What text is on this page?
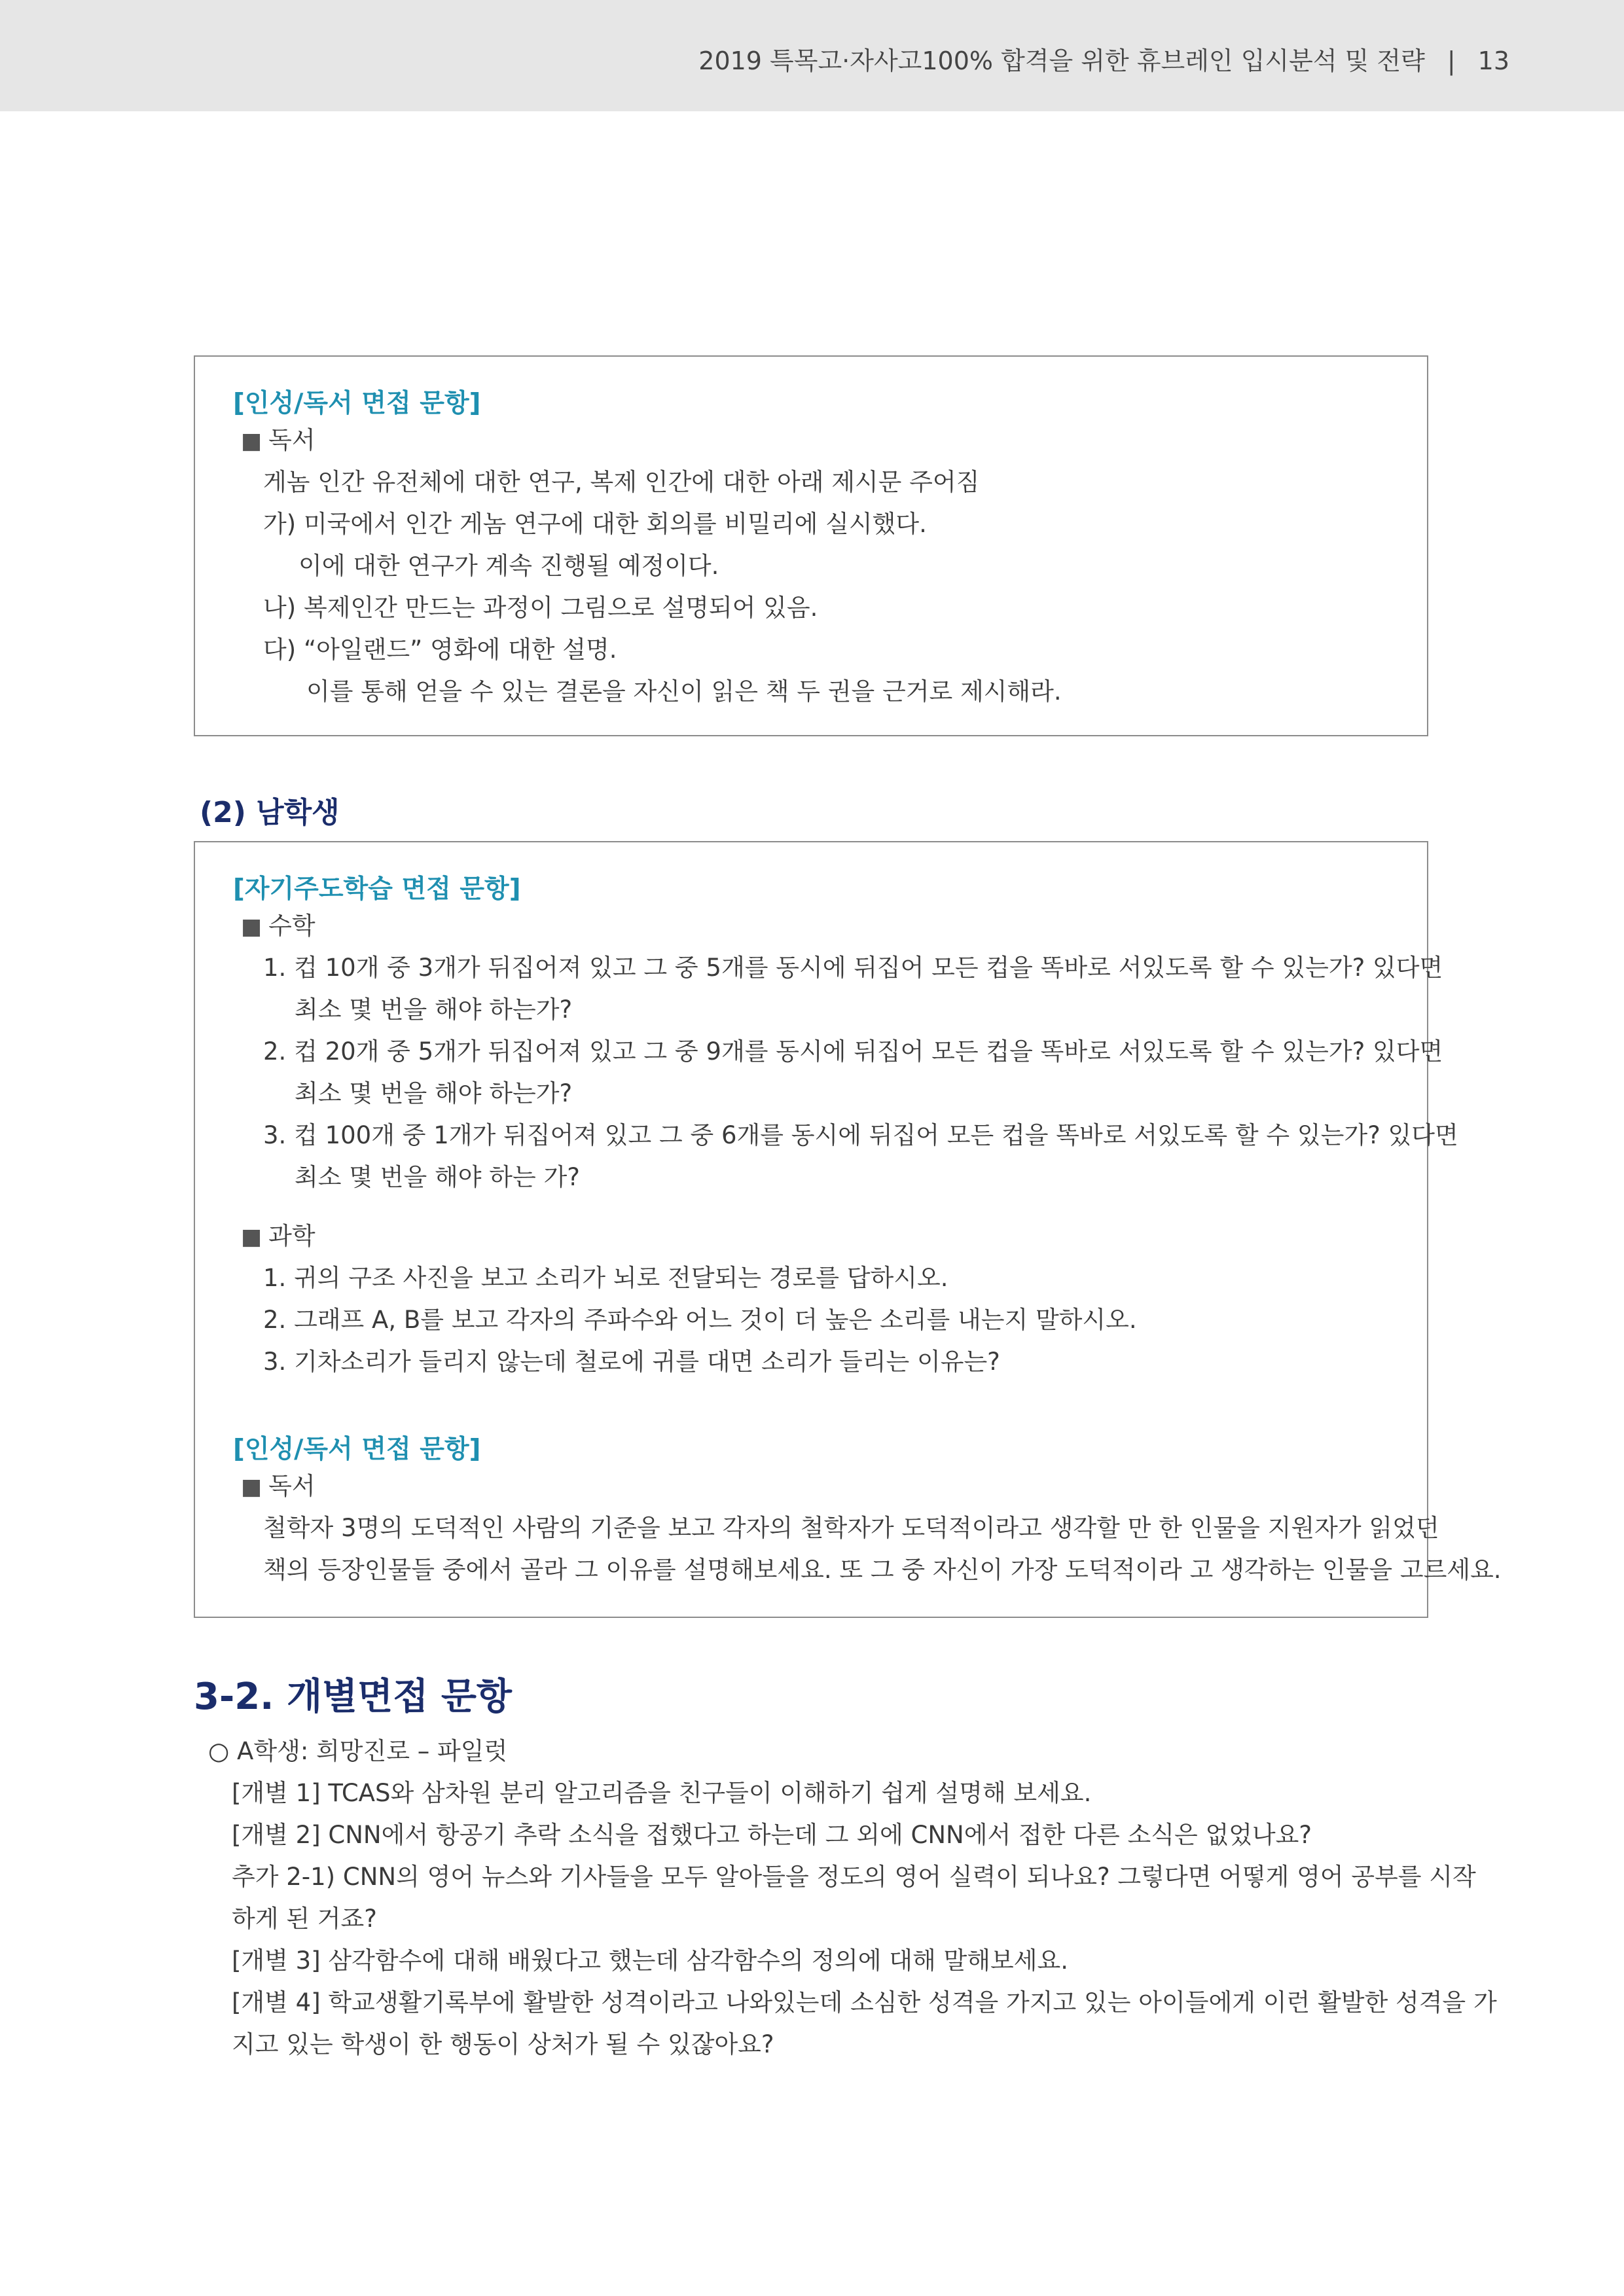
2019 특목고·자사고100% 합격을 위한 휴브레인 입시분석 및 전략 | 13
[인성/독서 면접 문항]
■ 독서
게놈 인간 유전체에 대한 연구, 복제 인간에 대한 아래 제시문 주어짐
가) 미국에서 인간 게놈 연구에 대한 회의를 비밀리에 실시했다.
이에 대한 연구가 계속 진행될 예정이다.
나) 복제인간 만드는 과정이 그림으로 설명되어 있음.
다) “아일랜드” 영화에 대한 설명.
이를 통해 얻을 수 있는 결론을 자신이 읽은 책 두 권을 근거로 제시해라.
(2) 남학생
[자기주도학습 면접 문항]
■ 수학
1. 컵 10개 중 3개가 뒤집어져 있고 그 중 5개를 동시에 뒤집어 모든 컵을 똑바로 서있도록 할 수 있는가? 있다면
최소 몇 번을 해야 하는가?
2. 컵 20개 중 5개가 뒤집어져 있고 그 중 9개를 동시에 뒤집어 모든 컵을 똑바로 서있도록 할 수 있는가? 있다면
최소 몇 번을 해야 하는가?
3. 컵 100개 중 1개가 뒤집어져 있고 그 중 6개를 동시에 뒤집어 모든 컵을 똑바로 서있도록 할 수 있는가? 있다면
최소 몇 번을 해야 하는 가?
■ 과학
1. 귀의 구조 사진을 보고 소리가 뇌로 전달되는 경로를 답하시오.
2. 그래프 A, B를 보고 각자의 주파수와 어느 것이 더 높은 소리를 내는지 말하시오.
3. 기차소리가 들리지 않는데 철로에 귀를 대면 소리가 들리는 이유는?
[인성/독서 면접 문항]
■ 독서
철학자 3명의 도덕적인 사람의 기준을 보고 각자의 철학자가 도덕적이라고 생각할 만 한 인물을 지원자가 읽었던
책의 등장인물들 중에서 골라 그 이유를 설명해보세요. 또 그 중 자신이 가장 도덕적이라 고 생각하는 인물을 고르세요.
3-2. 개별면접 문항
○ A학생: 희망진로 – 파일럿
[개별 1] TCAS와 삼차원 분리 알고리즘을 친구들이 이해하기 쉽게 설명해 보세요.
[개별 2] CNN에서 항공기 추락 소식을 접했다고 하는데 그 외에 CNN에서 접한 다른 소식은 없었나요?
추가 2-1) CNN의 영어 뉴스와 기사들을 모두 알아들을 정도의 영어 실력이 되나요? 그렇다면 어떻게 영어 공부를 시작
하게 된 거죠?
[개별 3] 삼각함수에 대해 배웠다고 했는데 삼각함수의 정의에 대해 말해보세요.
[개별 4] 학교생활기록부에 활발한 성격이라고 나와있는데 소심한 성격을 가지고 있는 아이들에게 이런 활발한 성격을 가
지고 있는 학생이 한 행동이 상처가 될 수 있잖아요?
